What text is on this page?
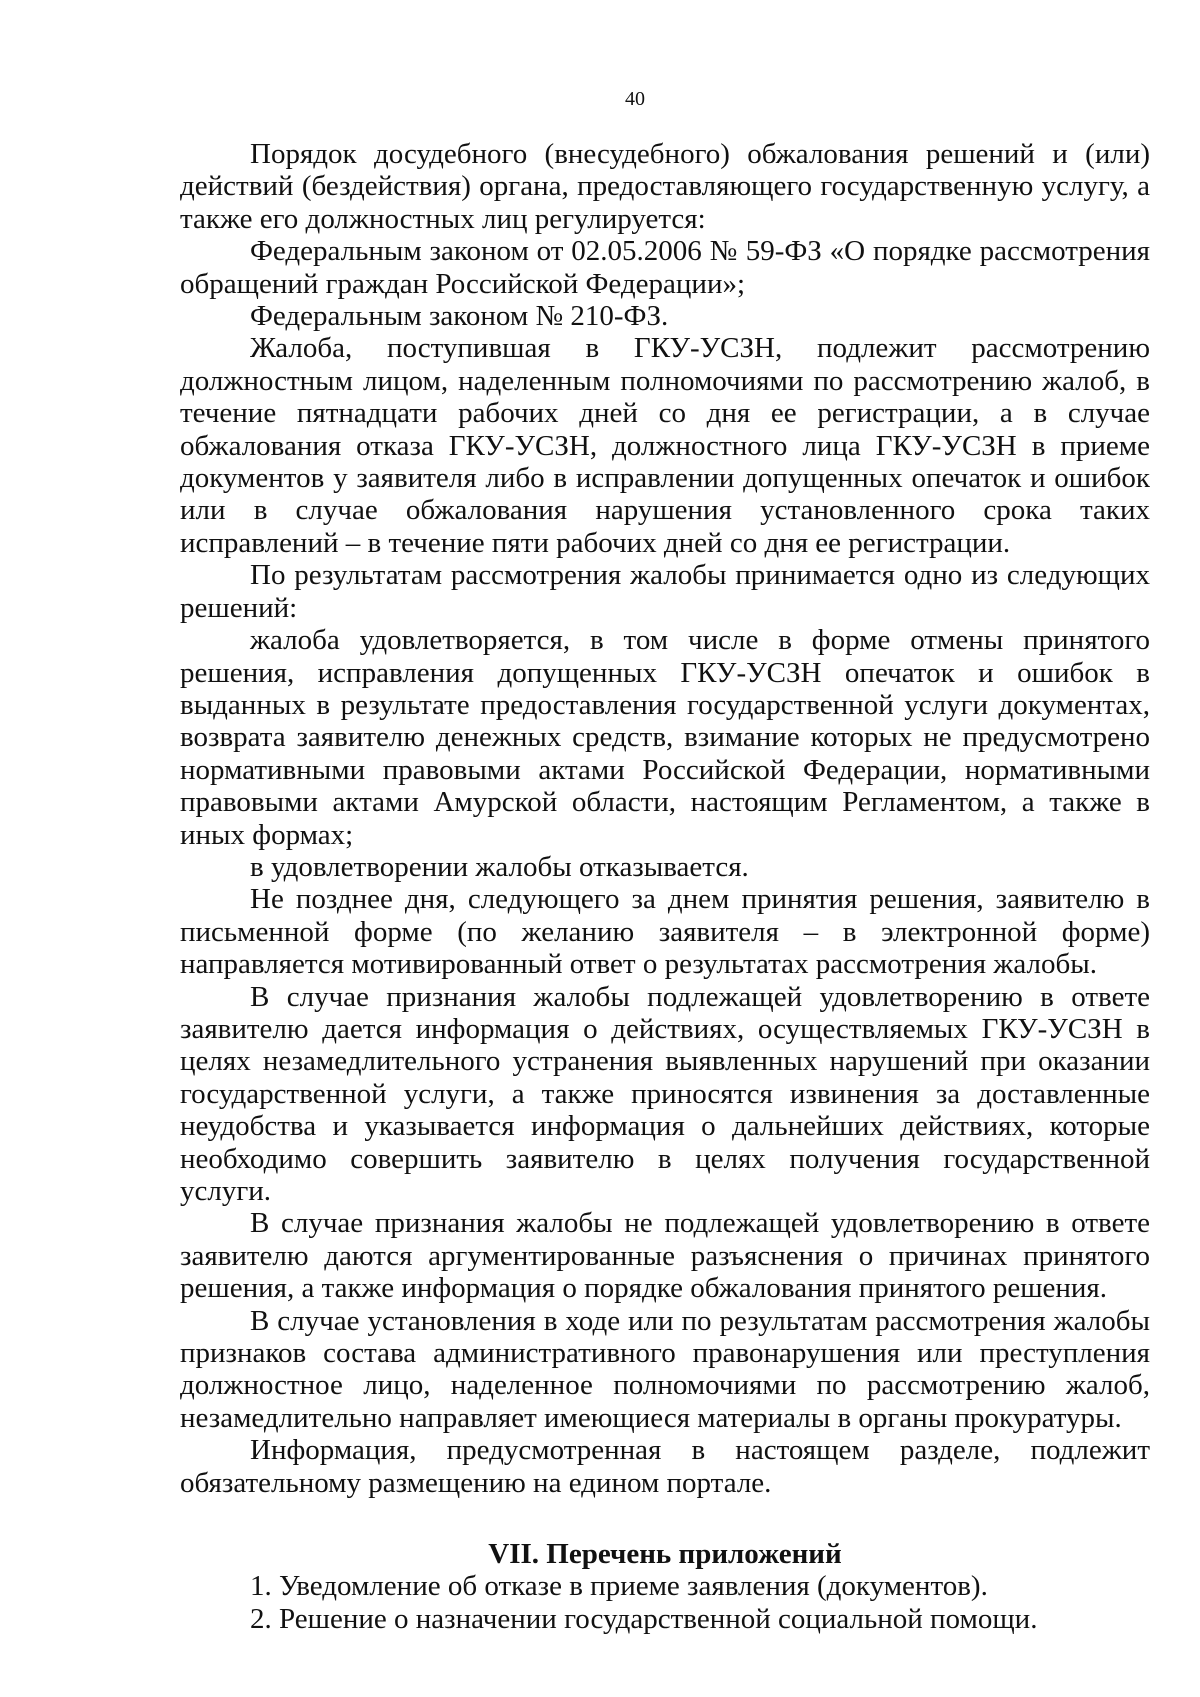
40

Порядок досудебного (внесудебного) обжалования решений и (или) действий (бездействия) органа, предоставляющего государственную услугу, а также его должностных лиц регулируется:

Федеральным законом от 02.05.2006 № 59-ФЗ «О порядке рассмотрения обращений граждан Российской Федерации»;

Федеральным законом № 210-ФЗ.

Жалоба, поступившая в ГКУ-УСЗН, подлежит рассмотрению должностным лицом, наделенным полномочиями по рассмотрению жалоб, в течение пятнадцати рабочих дней со дня ее регистрации, а в случае обжалования отказа ГКУ-УСЗН, должностного лица ГКУ-УСЗН в приеме документов у заявителя либо в исправлении допущенных опечаток и ошибок или в случае обжалования нарушения установленного срока таких исправлений – в течение пяти рабочих дней со дня ее регистрации.

По результатам рассмотрения жалобы принимается одно из следующих решений:

жалоба удовлетворяется, в том числе в форме отмены принятого решения, исправления допущенных ГКУ-УСЗН опечаток и ошибок в выданных в результате предоставления государственной услуги документах, возврата заявителю денежных средств, взимание которых не предусмотрено нормативными правовыми актами Российской Федерации, нормативными правовыми актами Амурской области, настоящим Регламентом, а также в иных формах;

в удовлетворении жалобы отказывается.

Не позднее дня, следующего за днем принятия решения, заявителю в письменной форме (по желанию заявителя – в электронной форме) направляется мотивированный ответ о результатах рассмотрения жалобы.

В случае признания жалобы подлежащей удовлетворению в ответе заявителю дается информация о действиях, осуществляемых ГКУ-УСЗН в целях незамедлительного устранения выявленных нарушений при оказании государственной услуги, а также приносятся извинения за доставленные неудобства и указывается информация о дальнейших действиях, которые необходимо совершить заявителю в целях получения государственной услуги.

В случае признания жалобы не подлежащей удовлетворению в ответе заявителю даются аргументированные разъяснения о причинах принятого решения, а также информация о порядке обжалования принятого решения.

В случае установления в ходе или по результатам рассмотрения жалобы признаков состава административного правонарушения или преступления должностное лицо, наделенное полномочиями по рассмотрению жалоб, незамедлительно направляет имеющиеся материалы в органы прокуратуры.

Информация, предусмотренная в настоящем разделе, подлежит обязательному размещению на едином портале.

VII. Перечень приложений

1. Уведомление об отказе в приеме заявления (документов).

2. Решение о назначении государственной социальной помощи.
